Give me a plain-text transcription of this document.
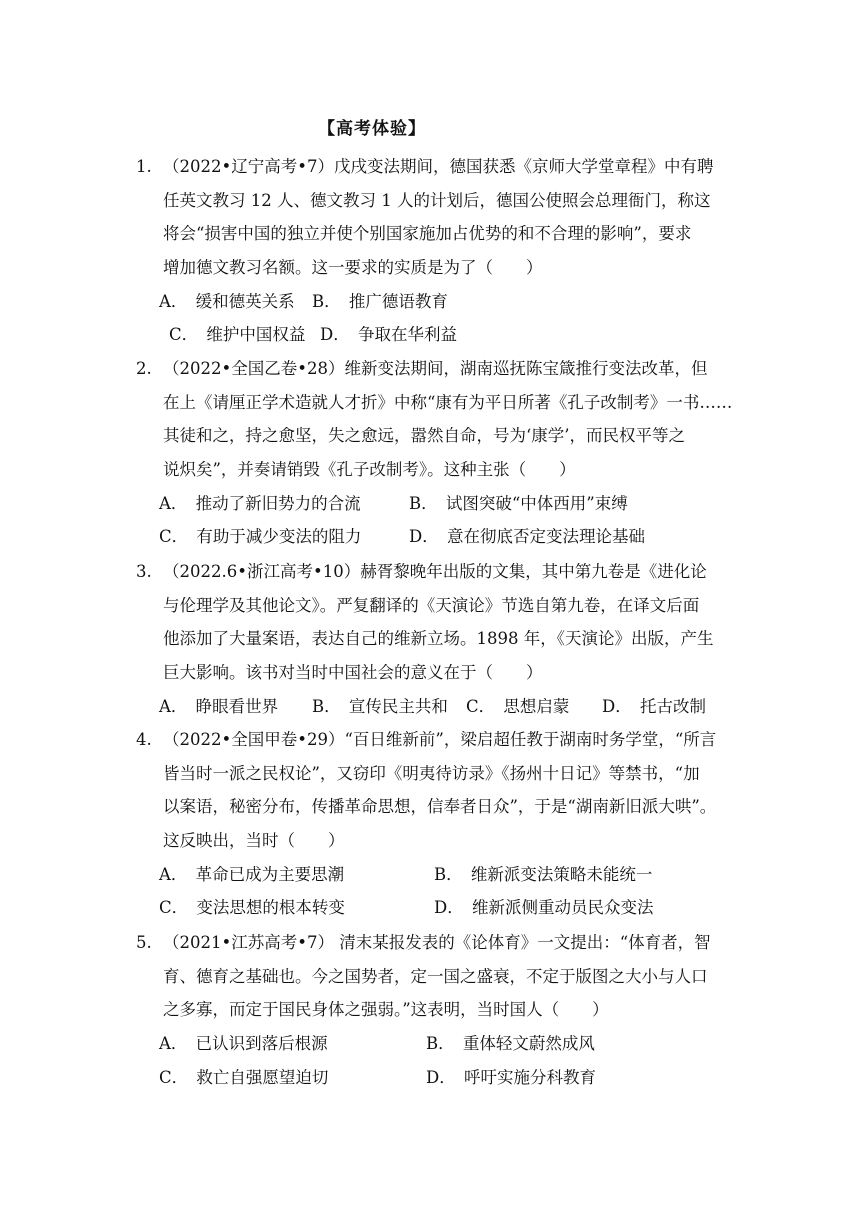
【高考体验】
1. （2022•辽宁高考•7）戊戌变法期间，德国获悉《京师大学堂章程》中有聘
任英文教习 12 人、德文教习 1 人的计划后，德国公使照会总理衙门，称这
将会“损害中国的独立并使个别国家施加占优势的和不合理的影响”，要求
增加德文教习名额。这一要求的实质是为了（　　）
A．　缓和德英关系 B．　推广德语教育
C．　维护中国权益 D．　争取在华利益
2. （2022•全国乙卷•28）维新变法期间，湖南巡抚陈宝箴推行变法改革，但
在上《请厘正学术造就人才折》中称“康有为平日所著《孔子改制考》一书……
其徒和之，持之愈坚，失之愈远，嚣然自命，号为‘康学’，而民权平等之
说炽矣”，并奏请销毁《孔子改制考》。这种主张（　　）
A．　推动了新旧势力的合流	B．　试图突破“中体西用”束缚
C．　有助于减少变法的阻力	D．　意在彻底否定变法理论基础
3. （2022.6•浙江高考•10）赫胥黎晚年出版的文集，其中第九卷是《进化论
与伦理学及其他论文》。严复翻译的《天演论》节选自第九卷，在译文后面
他添加了大量案语，表达自己的维新立场。1898 年，《天演论》出版，产生
巨大影响。该书对当时中国社会的意义在于（　　）
A．　睁眼看世界 B．　宣传民主共和 C．　思想启蒙 D．　托古改制
4. （2022•全国甲卷•29）“百日维新前”，梁启超任教于湖南时务学堂，“所言
皆当时一派之民权论”，又窃印《明夷待访录》《扬州十日记》等禁书，“加
以案语，秘密分布，传播革命思想，信奉者日众”，于是“湖南新旧派大哄”。
这反映出，当时（　　）
A．　革命已成为主要思潮	B．　维新派变法策略未能统一
C．　变法思想的根本转变	D．　维新派侧重动员民众变法
5. （2021•江苏高考•7） 清末某报发表的《论体育》一文提出：“体育者，智
育、德育之基础也。今之国势者，定一国之盛衰，不定于版图之大小与人口
之多寡，而定于国民身体之强弱。”这表明，当时国人（　　）
A．　已认识到落后根源	B．　重体轻文蔚然成风
C．　救亡自强愿望迫切	D．　呼吁实施分科教育
